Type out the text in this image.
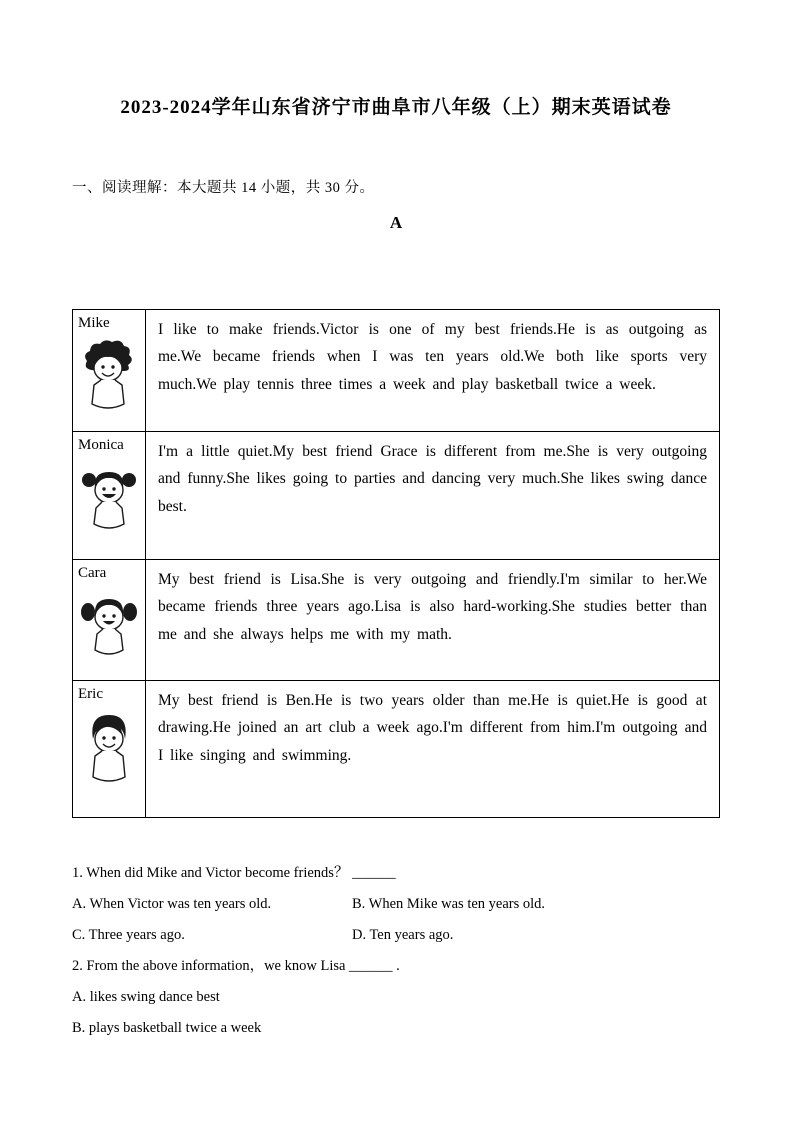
2023-2024学年山东省济宁市曲阜市八年级（上）期末英语试卷

一、阅读理解：本大题共 14 小题，共 30 分。

A
Mike	I like to make friends.Victor is one of my best friends.He is as outgoing as me.We became friends when I was ten years old.We both like sports very much.We play tennis three times a week and play basketball twice a week.

Monica	I'm a little quiet.My best friend Grace is different from me.She is very outgoing and funny.She likes going to parties and dancing very much.She likes swing dance best.

Cara	My best friend is Lisa.She is very outgoing and friendly.I'm similar to her.We became friends three years ago.Lisa is also hard-working.She studies better than me and she always helps me with my math.

Eric	My best friend is Ben.He is two years older than me.He is quiet.He is good at drawing.He joined an art club a week ago.I'm different from him.I'm outgoing and I like singing and swimming.

1. When did Mike and Victor become friends？ ______

A. When Victor was ten years old.	B. When Mike was ten years old.
C. Three years ago.	D. Ten years ago.

2. From the above information，we know Lisa ______ .

A. likes swing dance best

B. plays basketball twice a week
